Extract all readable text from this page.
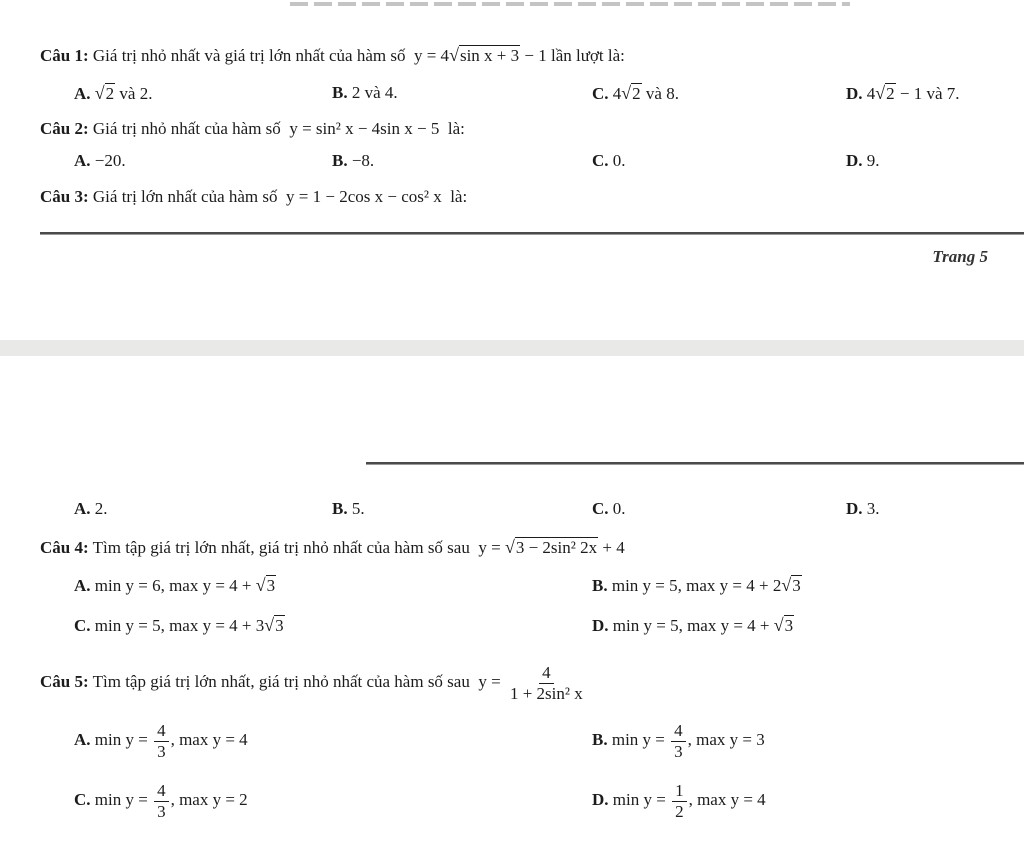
Câu 1: Giá trị nhỏ nhất và giá trị lớn nhất của hàm số y = 4√sin x + 3 − 1 lần lượt là:
A. √2 và 2.	B. 2 và 4.	C. 4√2 và 8.	D. 4√2 − 1 và 7.
Câu 2: Giá trị nhỏ nhất của hàm số y = sin² x − 4sin x − 5 là:
A. −20.	B. −8.	C. 0.	D. 9.
Câu 3: Giá trị lớn nhất của hàm số y = 1 − 2cos x − cos² x là:
Trang 5
A. 2.	B. 5.	C. 0.	D. 3.
Câu 4: Tìm tập giá trị lớn nhất, giá trị nhỏ nhất của hàm số sau y = √3 − 2sin² 2x + 4
A. min y = 6, max y = 4 + √3	B. min y = 5, max y = 4 + 2√3
C. min y = 5, max y = 4 + 3√3	D. min y = 5, max y = 4 + √3
Câu 5: Tìm tập giá trị lớn nhất, giá trị nhỏ nhất của hàm số sau $y = \frac{4}{\text{1 + 2sin² x}}$
A. $\min y = \frac{4}{3}$ , max y = 4	B. $\min y = \frac{4}{3}$ , max y = 3
C. $\min y = \frac{4}{3}$ , max y = 2	D. $\min y = \frac{1}{2}$ , max y = 4
